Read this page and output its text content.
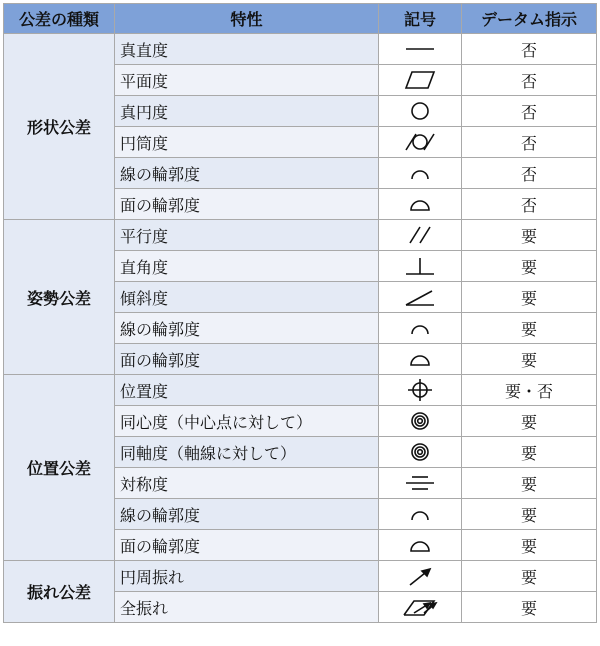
公差の種類	特性	記号	データム指示
形状公差	真直度		否
	平面度		否
	真円度		否
	円筒度		否
	線の輪郭度		否
	面の輪郭度		否
姿勢公差	平行度		要
	直角度		要
	傾斜度		要
	線の輪郭度		要
	面の輪郭度		要
位置公差	位置度		要・否
	同心度（中心点に対して）		要
	同軸度（軸線に対して）		要
	対称度		要
	線の輪郭度		要
	面の輪郭度		要
振れ公差	円周振れ		要
	全振れ		要
